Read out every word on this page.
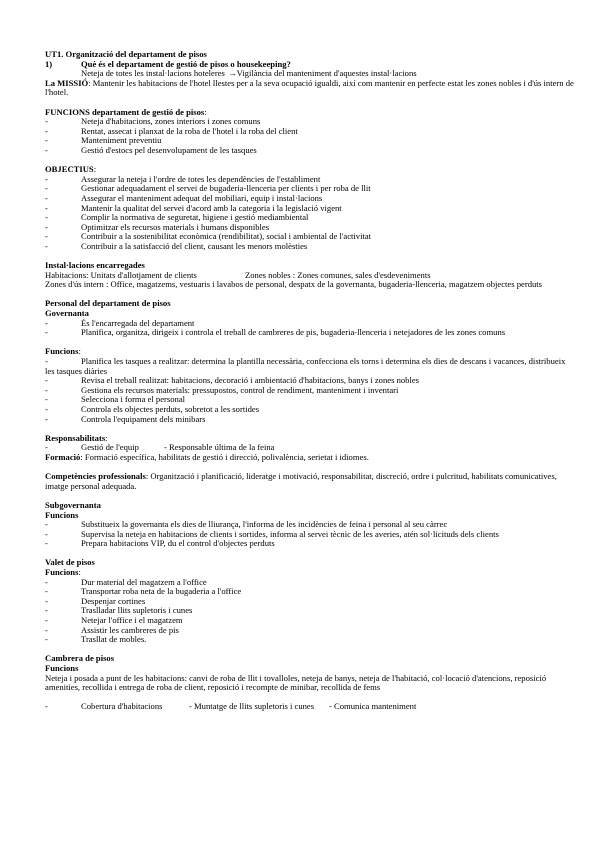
UT1. Organització del departament de pisos
1)	Què és el departament de gestió de pisos o housekeeping?
Neteja de totes les instal·lacions hoteleres →Vigilància del manteniment d'aquestes instal·lacions
La MISSIÓ: Mantenir les habitacions de l'hotel llestes per a la seva ocupació igualdi, així com mantenir en perfecte estat les zones nobles i d'ús intern de l'hotel.
FUNCIONS departament de gestió de pisos:
-	Neteja d'habitacions, zones interiors i zones comuns
-	Rentat, assecat i planxat de la roba de l'hotel i la roba del client
-	Manteniment preventiu
-	Gestió d'estocs pel desenvolupament de les tasques
OBJECTIUS:
-	Assegurar la neteja i l'ordre de totes les dependències de l'establiment
-	Gestionar adequadament el servei de bugaderia-llenceria per clients i per roba de llit
-	Assegurar el manteniment adequat del mobiliari, equip i instal·lacions
-	Mantenir la qualitat del servei d'acord amb la categoria i la legislació vigent
-	Complir la normativa de seguretat, higiene i gestió mediambiental
-	Optimitzar els recursos materials i humans disponibles
-	Contribuir a la sostenibilitat econòmica (rendibilitat), social i ambiental de l'activitat
-	Contribuir a la satisfacció del client, causant les menors molèsties
Instal·lacions encarregades
Habitacions: Unitats d'allotjament de clients	Zones nobles : Zones comunes, sales d'esdeveniments
Zones d'ús intern : Office, magatzems, vestuaris i lavabos de personal, despatx de la governanta, bugaderia-llenceria, magatzem objectes perduts
Personal del departament de pisos
Governanta
-	És l'encarregada del departament
-	Planifica, organitza, dirigeix i controla el treball de cambreres de pis, bugaderia-llenceria i netejadores de les zones comuns
Funcions:
-	Planifica les tasques a realitzar: determina la plantilla necessària, confecciona els torns i determina els dies de descans i vacances, distribueix les tasques diàries
-	Revisa el treball realitzat: habitacions, decoració i ambientació d'habitacions, banys i zones nobles
-	Gestiona els recursos materials: pressupostos, control de rendiment, manteniment i inventari
-	Selecciona i forma el personal
-	Controla els objectes perduts, sobretot a les sortides
-	Controla l'equipament dels minibars
Responsabilitats:
-	Gestió de l'equip	- Responsable última de la feina
Formació: Formació específica, habilitats de gestió i direcció, polivalència, serietat i idiomes.
Competències professionals: Organització i planificació, lideratge i motivació, responsabilitat, discreció, ordre i pulcritud, habilitats comunicatives, imatge personal adequada.
Subgovernanta
Funcions
-	Substitueix la governanta els dies de lliurança, l'informa de les incidències de feina i personal al seu càrrec
-	Supervisa la neteja en habitacions de clients i sortides, informa al servei tècnic de les averies, atén sol·licituds dels clients
-	Prepara habitacions VIP, du el control d'objectes perduts
Valet de pisos
Funcions:
-	Dur material del magatzem a l'office
-	Transportar roba neta de la bugaderia a l'office
-	Despenjar cortines
-	Traslladar llits supletoris i cunes
-	Netejar l'office i el magatzem
-	Assistir les cambreres de pis
-	Trasllat de mobles.
Cambrera de pisos
Funcions
Neteja i posada a punt de les habitacions: canvi de roba de llit i tovalloles, neteja de banys, neteja de l'habitació, col·locació d'atencions, reposició amenities, recollida i entrega de roba de client, reposició i recompte de minibar, recollida de fems
-	Cobertura d'habitacions	- Muntatge de llits supletoris i cunes	- Comunica manteniment
